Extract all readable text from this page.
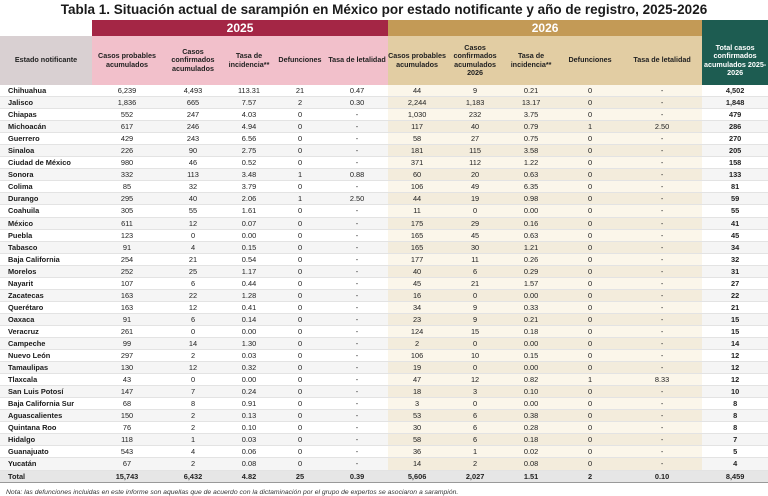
Tabla 1. Situación actual de sarampión en México por estado notificante y año de registro, 2025-2026
	2025					2026					
Estado notificante	Casos probables acumulados	Casos confirmados acumulados	Tasa de incidencia**	Defunciones	Tasa de letalidad	Casos probables acumulados	Casos confirmados acumulados 2026	Tasa de incidencia**	Defunciones	Tasa de letalidad	Total casos confirmados acumulados 2025-2026
Chihuahua	6,239	4,493	113.31	21	0.47	44	9	0.21	0	-	4,502
Jalisco	1,836	665	7.57	2	0.30	2,244	1,183	13.17	0	-	1,848
Chiapas	552	247	4.03	0	-	1,030	232	3.75	0	-	479
Michoacán	617	246	4.94	0	-	117	40	0.79	1	2.50	286
Guerrero	429	243	6.56	0	-	58	27	0.75	0	-	270
Sinaloa	226	90	2.75	0	-	181	115	3.58	0	-	205
Ciudad de México	980	46	0.52	0	-	371	112	1.22	0	-	158
Sonora	332	113	3.48	1	0.88	60	20	0.63	0	-	133
Colima	85	32	3.79	0	-	106	49	6.35	0	-	81
Durango	295	40	2.06	1	2.50	44	19	0.98	0	-	59
Coahuila	305	55	1.61	0	-	11	0	0.00	0	-	55
México	611	12	0.07	0	-	175	29	0.16	0	-	41
Puebla	123	0	0.00	0	-	165	45	0.63	0	-	45
Tabasco	91	4	0.15	0	-	165	30	1.21	0	-	34
Baja California	254	21	0.54	0	-	177	11	0.26	0	-	32
Morelos	252	25	1.17	0	-	40	6	0.29	0	-	31
Nayarit	107	6	0.44	0	-	45	21	1.57	0	-	27
Zacatecas	163	22	1.28	0	-	16	0	0.00	0	-	22
Querétaro	163	12	0.41	0	-	34	9	0.33	0	-	21
Oaxaca	91	6	0.14	0	-	23	9	0.21	0	-	15
Veracruz	261	0	0.00	0	-	124	15	0.18	0	-	15
Campeche	99	14	1.30	0	-	2	0	0.00	0	-	14
Nuevo León	297	2	0.03	0	-	106	10	0.15	0	-	12
Tamaulipas	130	12	0.32	0	-	19	0	0.00	0	-	12
Tlaxcala	43	0	0.00	0	-	47	12	0.82	1	8.33	12
San Luis Potosí	147	7	0.24	0	-	18	3	0.10	0	-	10
Baja California Sur	68	8	0.91	0	-	3	0	0.00	0	-	8
Aguascalientes	150	2	0.13	0	-	53	6	0.38	0	-	8
Quintana Roo	76	2	0.10	0	-	30	6	0.28	0	-	8
Hidalgo	118	1	0.03	0	-	58	6	0.18	0	-	7
Guanajuato	543	4	0.06	0	-	36	1	0.02	0	-	5
Yucatán	67	2	0.08	0	-	14	2	0.08	0	-	4
Total	15,743	6,432	4.82	25	0.39	5,606	2,027	1.51	2	0.10	8,459
Nota: las defunciones incluidas en este informe son aquellas que de acuerdo con la dictaminación por el grupo de expertos se asociaron a sarampión.
